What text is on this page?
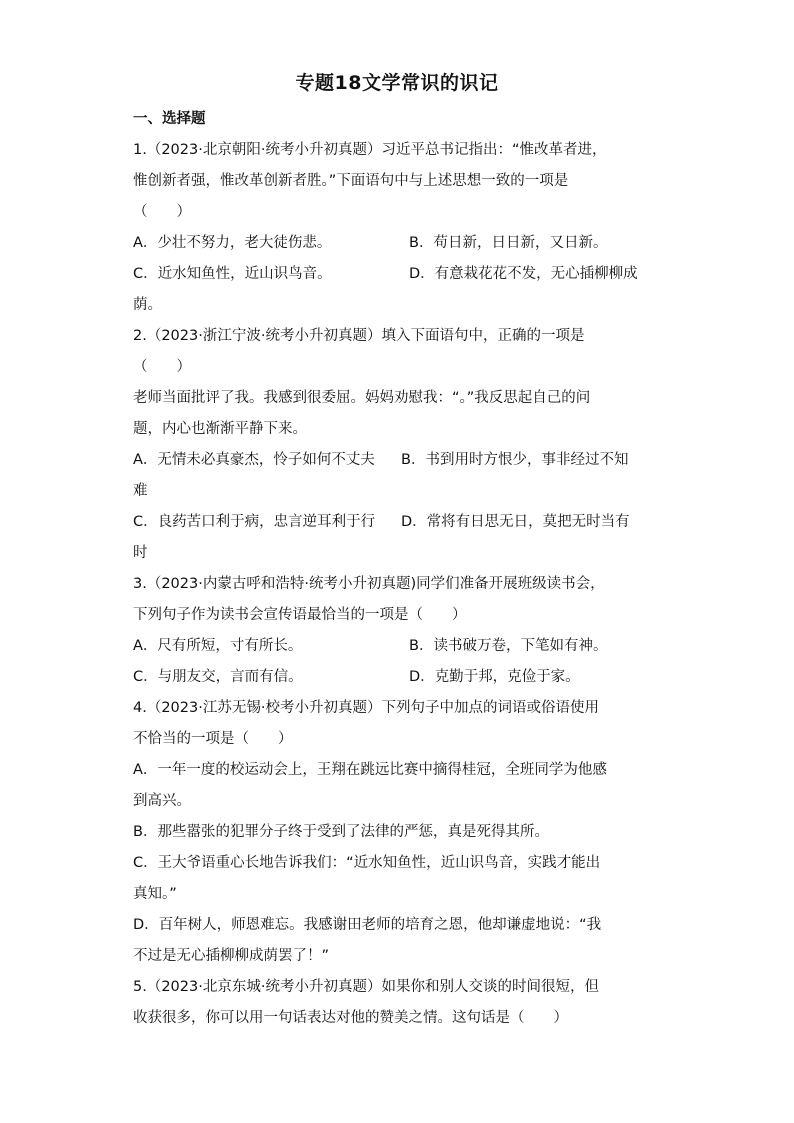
专题18文学常识的识记
一、选择题
1.（2023·北京朝阳·统考小升初真题）习近平总书记指出：“惟改革者进，
惟创新者强，惟改革创新者胜。”下面语句中与上述思想一致的一项是
（　　）
A．少壮不努力，老大徒伤悲。	B．苟日新，日日新，又日新。
C．近水知鱼性，近山识鸟音。	D．有意栽花花不发，无心插柳柳成
荫。
2.（2023·浙江宁波·统考小升初真题）填入下面语句中，正确的一项是
（　　）
老师当面批评了我。我感到很委屈。妈妈劝慰我：“。”我反思起自己的问
题，内心也渐渐平静下来。
A．无情未必真豪杰，怜子如何不丈夫 B．书到用时方恨少，事非经过不知
难
C．良药苦口利于病，忠言逆耳利于行 D．常将有日思无日，莫把无时当有
时
3.（2023·内蒙古呼和浩特·统考小升初真题)同学们准备开展班级读书会，
下列句子作为读书会宣传语最恰当的一项是（　　）
A．尺有所短，寸有所长。	B．读书破万卷，下笔如有神。
C．与朋友交，言而有信。	D．克勤于邦，克俭于家。
4.（2023·江苏无锡·校考小升初真题）下列句子中加点的词语或俗语使用
不恰当的一项是（　　）
A．一年一度的校运动会上，王翔在跳远比赛中摘得桂冠，全班同学为他感
到高兴。
B．那些嚣张的犯罪分子终于受到了法律的严惩，真是死得其所。
C．王大爷语重心长地告诉我们：“近水知鱼性，近山识鸟音，实践才能出
真知。”
D．百年树人，师恩难忘。我感谢田老师的培育之恩，他却谦虚地说：“我
不过是无心插柳柳成荫罢了！”
5.（2023·北京东城·统考小升初真题）如果你和别人交谈的时间很短，但
收获很多，你可以用一句话表达对他的赞美之情。这句话是（　　）
